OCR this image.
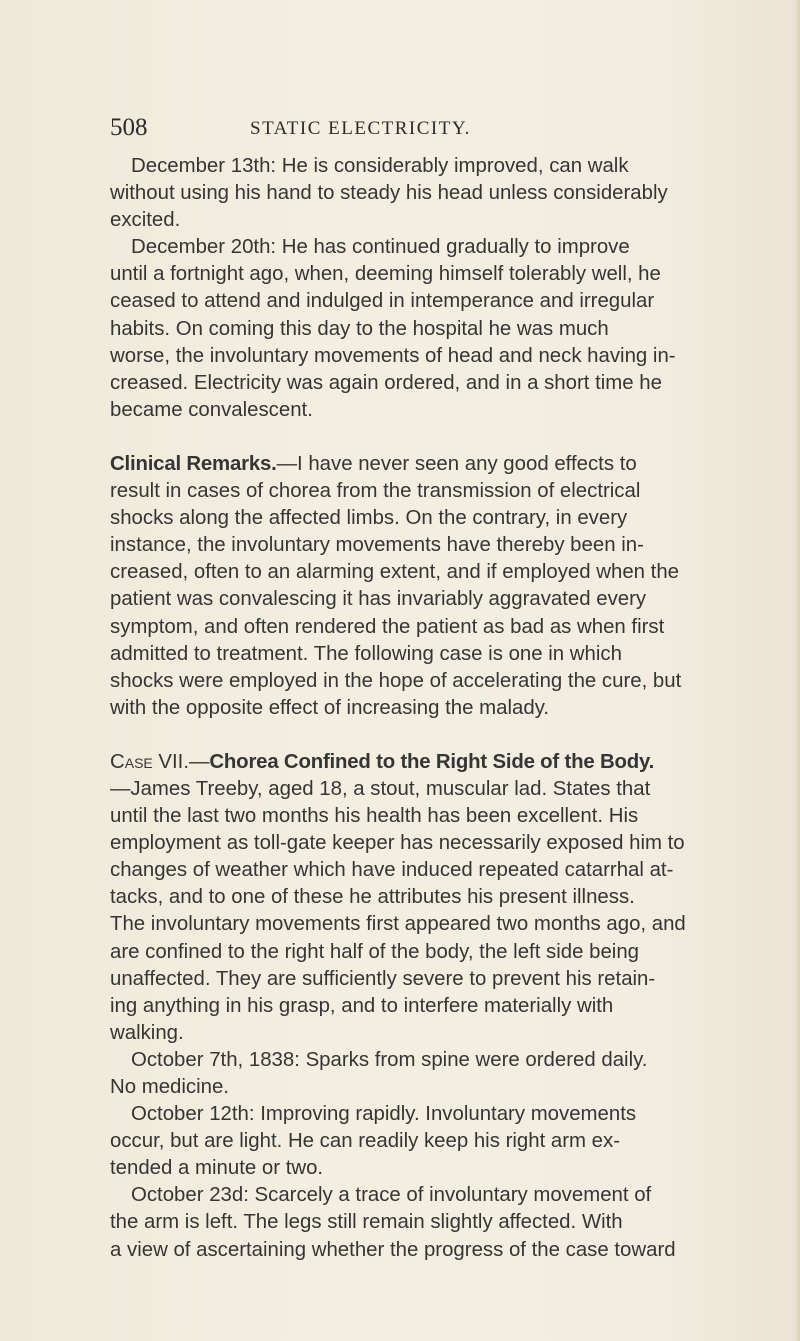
508	STATIC ELECTRICITY.

December 13th: He is considerably improved, can walk
without using his hand to steady his head unless considerably
excited.

December 20th: He has continued gradually to improve
until a fortnight ago, when, deeming himself tolerably well, he
ceased to attend and indulged in intemperance and irregular
habits. On coming this day to the hospital he was much
worse, the involuntary movements of head and neck having in-
creased. Electricity was again ordered, and in a short time he
became convalescent.

Clinical Remarks.—I have never seen any good effects to
result in cases of chorea from the transmission of electrical
shocks along the affected limbs. On the contrary, in every
instance, the involuntary movements have thereby been in-
creased, often to an alarming extent, and if employed when the
patient was convalescing it has invariably aggravated every
symptom, and often rendered the patient as bad as when first
admitted to treatment. The following case is one in which
shocks were employed in the hope of accelerating the cure, but
with the opposite effect of increasing the malady.

Case VII.—Chorea Confined to the Right Side of the Body.
—James Treeby, aged 18, a stout, muscular lad. States that
until the last two months his health has been excellent. His
employment as toll-gate keeper has necessarily exposed him to
changes of weather which have induced repeated catarrhal at-
tacks, and to one of these he attributes his present illness.
The involuntary movements first appeared two months ago, and
are confined to the right half of the body, the left side being
unaffected. They are sufficiently severe to prevent his retain-
ing anything in his grasp, and to interfere materially with
walking.

October 7th, 1838: Sparks from spine were ordered daily.
No medicine.

October 12th: Improving rapidly. Involuntary movements
occur, but are light. He can readily keep his right arm ex-
tended a minute or two.

October 23d: Scarcely a trace of involuntary movement of
the arm is left. The legs still remain slightly affected. With
a view of ascertaining whether the progress of the case toward
